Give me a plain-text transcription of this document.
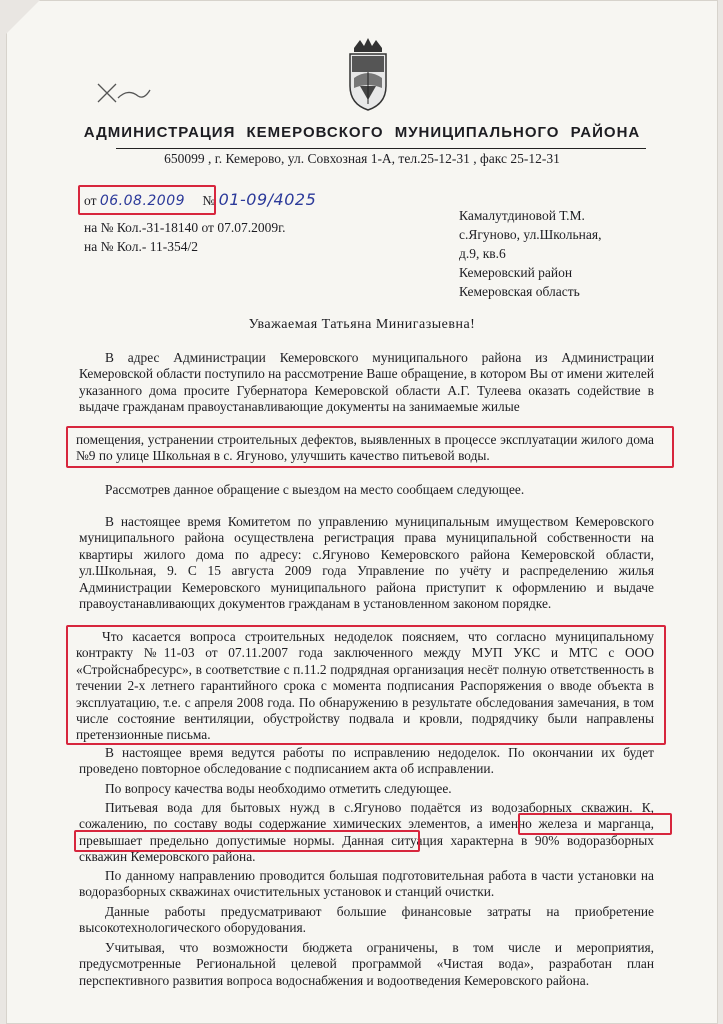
АДМИНИСТРАЦИЯ КЕМЕРОВСКОГО МУНИЦИПАЛЬНОГО РАЙОНА
650099 , г. Кемерово, ул. Совхозная 1-А, тел.25-12-31 , факс 25-12-31
от 06.08.2009 № 01-09/4025
на № Кол.-31-18140 от 07.07.2009г.
на № Кол.- 11-354/2
Камалутдиновой Т.М.
с.Ягуново, ул.Школьная,
д.9, кв.6
Кемеровский район
Кемеровская область
Уважаемая Татьяна Минигазыевна!
В адрес Администрации Кемеровского муниципального района из Администрации Кемеровской области поступило на рассмотрение Ваше обращение, в котором Вы от имени жителей указанного дома просите Губернатора Кемеровской области А.Г. Тулеева оказать содействие в выдаче гражданам правоустанавливающие документы на занимаемые жилые
помещения, устранении строительных дефектов, выявленных в процессе эксплуатации жилого дома №9 по улице Школьная в с. Ягуново, улучшить качество питьевой воды.
Рассмотрев данное обращение с выездом на место сообщаем следующее.
В настоящее время Комитетом по управлению муниципальным имуществом Кемеровского муниципального района осуществлена регистрация права муниципальной собственности на квартиры жилого дома по адресу: с.Ягуново Кемеровского района Кемеровской области, ул.Школьная, 9. С 15 августа 2009 года Управление по учёту и распределению жилья Администрации Кемеровского муниципального района приступит к оформлению и выдаче правоустанавливающих документов гражданам в установленном законом порядке.
Что касается вопроса строительных недоделок поясняем, что согласно муниципальному контракту №11-03 от 07.11.2007 года заключенного между МУП УКС и МТС с ООО «Стройснабресурс», в соответствие с п.11.2 подрядная организация несёт полную ответственность в течении 2-х летнего гарантийного срока с момента подписания Распоряжения о вводе объекта в эксплуатацию, т.е. с апреля 2008 года. По обнаружению в результате обследования замечания, в том числе состояние вентиляции, обустройству подвала и кровли, подрядчику были направлены претензионные письма.
В настоящее время ведутся работы по исправлению недоделок. По окончании их будет проведено повторное обследование с подписанием акта об исправлении.
По вопросу качества воды необходимо отметить следующее.
Питьевая вода для бытовых нужд в с.Ягуново подаётся из водозаборных скважин. К, сожалению, по составу воды содержание химических элементов, а именно железа и марганца, превышает предельно допустимые нормы. Данная ситуация характерна в 90% водоразборных скважин Кемеровского района.
По данному направлению проводится большая подготовительная работа в части установки на водоразборных скважинах очистительных установок и станций очистки.
Данные работы предусматривают большие финансовые затраты на приобретение высокотехнологического оборудования.
Учитывая, что возможности бюджета ограничены, в том числе и мероприятия, предусмотренные Региональной целевой программой «Чистая вода», разработан план перспективного развития вопроса водоснабжения и водоотведения Кемеровского района.
